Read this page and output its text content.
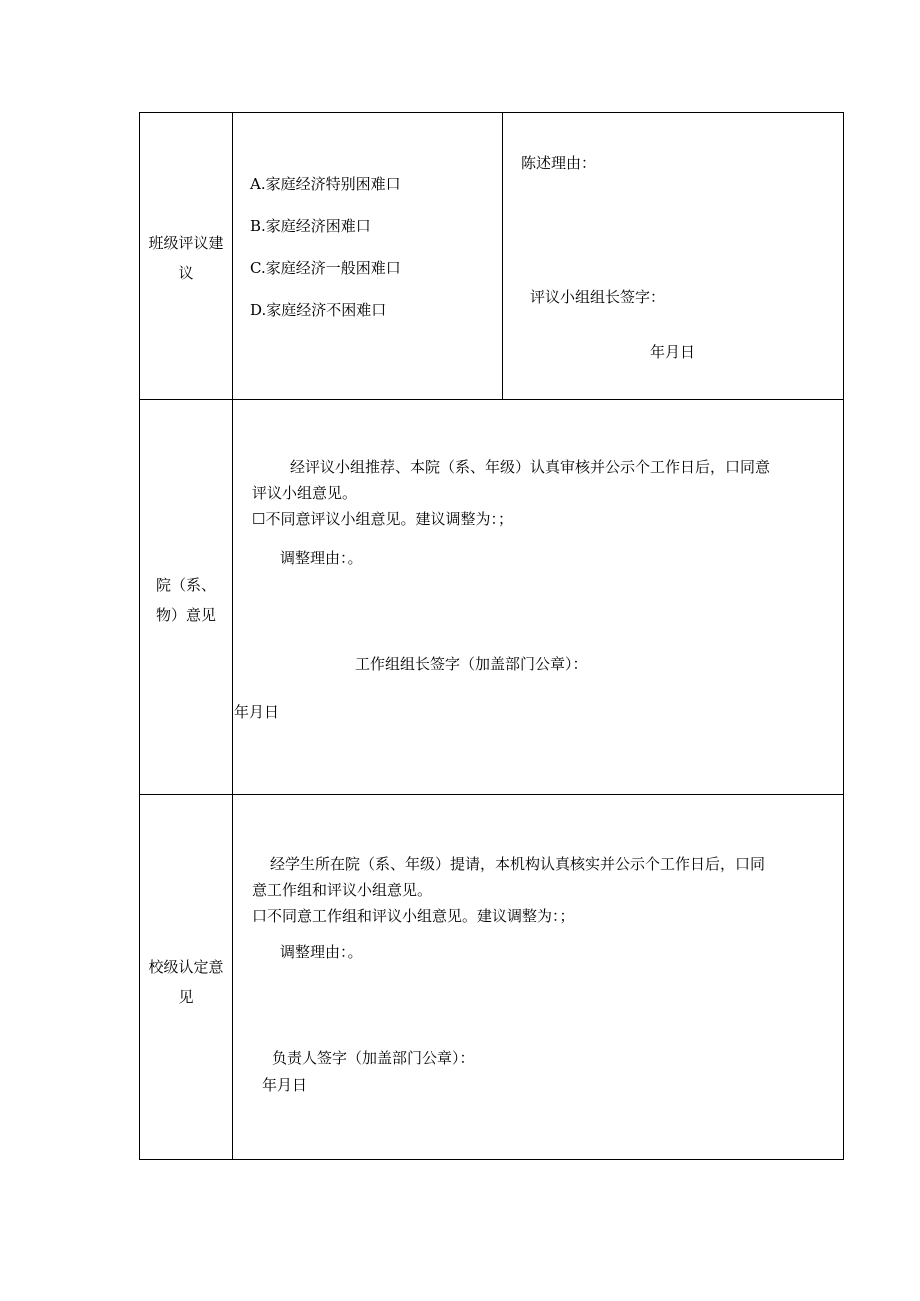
班级评议建
议
A.家庭经济特别困难口
B.家庭经济困难口
C.家庭经济一般困难口
D.家庭经济不困难口
陈述理由：
评议小组组长签字：
年月日
院（系、
物）意见
经评议小组推荐、本院（系、年级）认真审核并公示个工作日后，口同意
评议小组意见。
☐不同意评议小组意见。建议调整为：；
调整理由：。
工作组组长签字（加盖部门公章）：
年月日
校级认定意
见
经学生所在院（系、年级）提请，本机构认真核实并公示个工作日后，口同
意工作组和评议小组意见。
口不同意工作组和评议小组意见。建议调整为：；
调整理由：。
负责人签字（加盖部门公章）：
年月日
